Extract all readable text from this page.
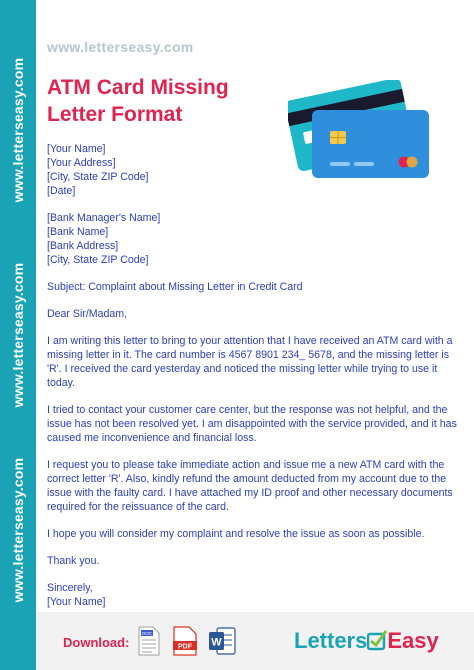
www.letterseasy.com
www.letterseasy.com
www.letterseasy.com
www.letterseasy.com
ATM Card Missing
Letter Format
[Your Name]
[Your Address]
[City, State ZIP Code]
[Date]
[Bank Manager's Name]
[Bank Name]
[Bank Address]
[City, State ZIP Code]

Subject: Complaint about Missing Letter in Credit Card

Dear Sir/Madam,

I am writing this letter to bring to your attention that I have received an ATM card with a missing letter in it. The card number is 4567 8901 234_ 5678, and the missing letter is 'R'. I received the card yesterday and noticed the missing letter while trying to use it today.

I tried to contact your customer care center, but the response was not helpful, and the issue has not been resolved yet. I am disappointed with the service provided, and it has caused me inconvenience and financial loss.

I request you to please take immediate action and issue me a new ATM card with the correct letter 'R'. Also, kindly refund the amount deducted from my account due to the issue with the faulty card. I have attached my ID proof and other necessary documents required for the reissuance of the card.

I hope you will consider my complaint and resolve the issue as soon as possible.

Thank you.

Sincerely,
[Your Name]
Download:
DOC
PDF W	Letters Easy
